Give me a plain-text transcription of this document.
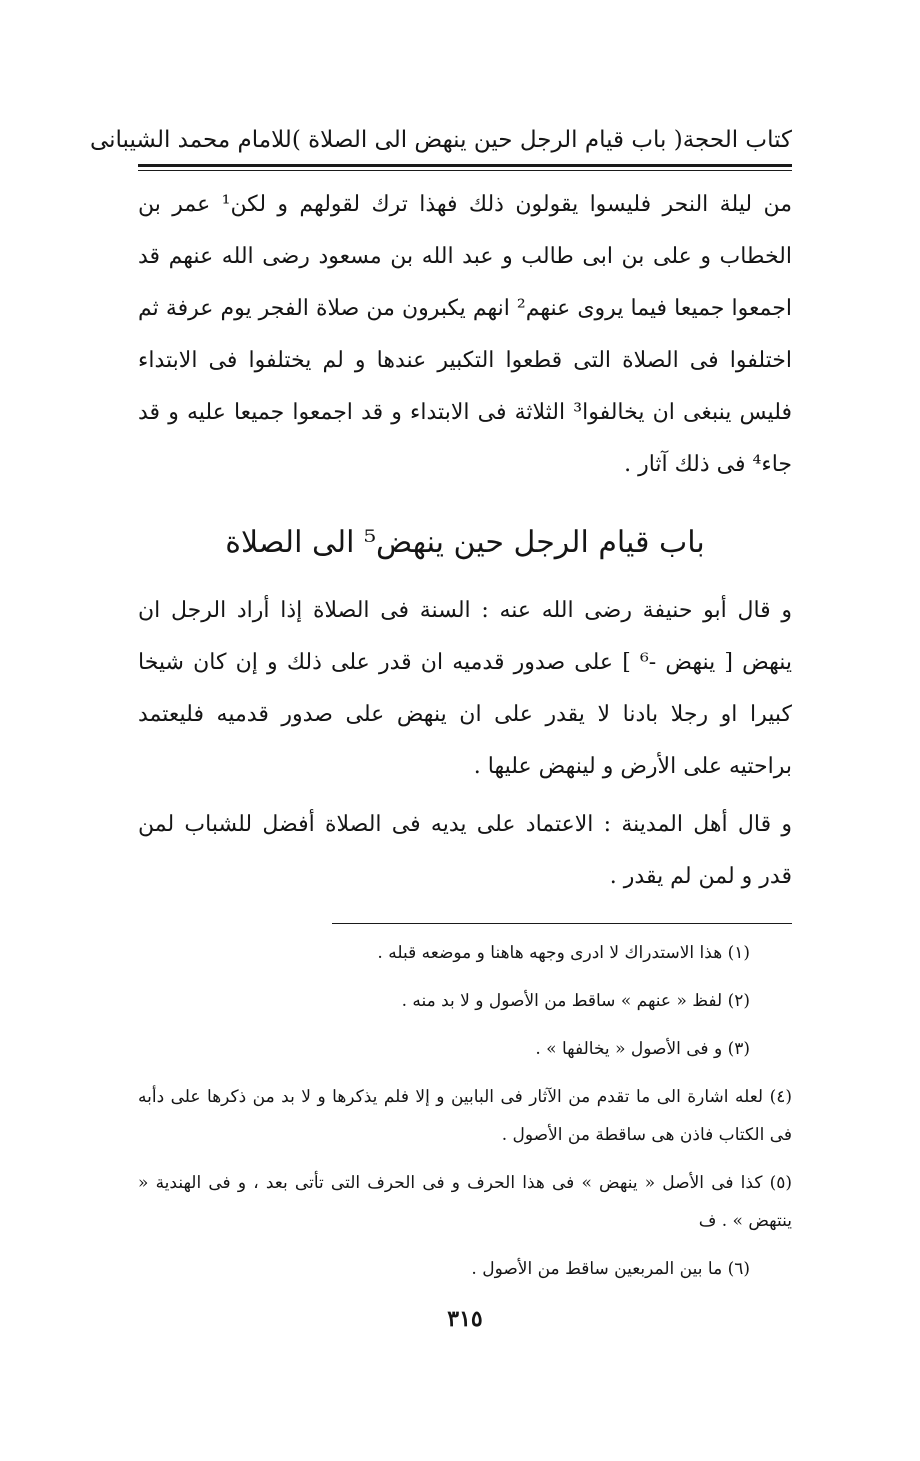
كتاب الحجة
( باب قيام الرجل حين ينهض الى الصلاة )
للامام محمد الشيبانى

من ليلة النحر فليسوا يقولون ذلك فهذا ترك لقولهم و لكن¹ عمر بن الخطاب و على بن ابى طالب و عبد الله بن مسعود رضى الله عنهم قد اجمعوا جميعا فيما يروى عنهم² انهم يكبرون من صلاة الفجر يوم عرفة ثم اختلفوا فى الصلاة التى قطعوا التكبير عندها و لم يختلفوا فى الابتداء فليس ينبغى ان يخالفوا³ الثلاثة فى الابتداء و قد اجمعوا جميعا عليه و قد جاء⁴ فى ذلك آثار .

باب قيام الرجل حين ينهض⁵ الى الصلاة

و قال أبو حنيفة رضى الله عنه : السنة فى الصلاة إذا أراد الرجل ان ينهض [ ينهض -⁶ ] على صدور قدميه ان قدر على ذلك و إن كان شيخا كبيرا او رجلا بادنا لا يقدر على ان ينهض على صدور قدميه فليعتمد براحتيه على الأرض و لينهض عليها .

و قال أهل المدينة : الاعتماد على يديه فى الصلاة أفضل للشباب لمن قدر و لمن لم يقدر .

(١) هذا الاستدراك لا ادرى وجهه هاهنا و موضعه قبله .

(٢) لفظ « عنهم » ساقط من الأصول و لا بد منه .

(٣) و فى الأصول « يخالفها » .

(٤) لعله اشارة الى ما تقدم من الآثار فى البابين و إلا فلم يذكرها و لا بد من ذكرها على دأبه فى الكتاب فاذن هى ساقطة من الأصول .

(٥) كذا فى الأصل « ينهض » فى هذا الحرف و فى الحرف التى تأتى بعد ، و فى الهندية « ينتهض » . ف

(٦) ما بين المربعين ساقط من الأصول .

٣١٥
